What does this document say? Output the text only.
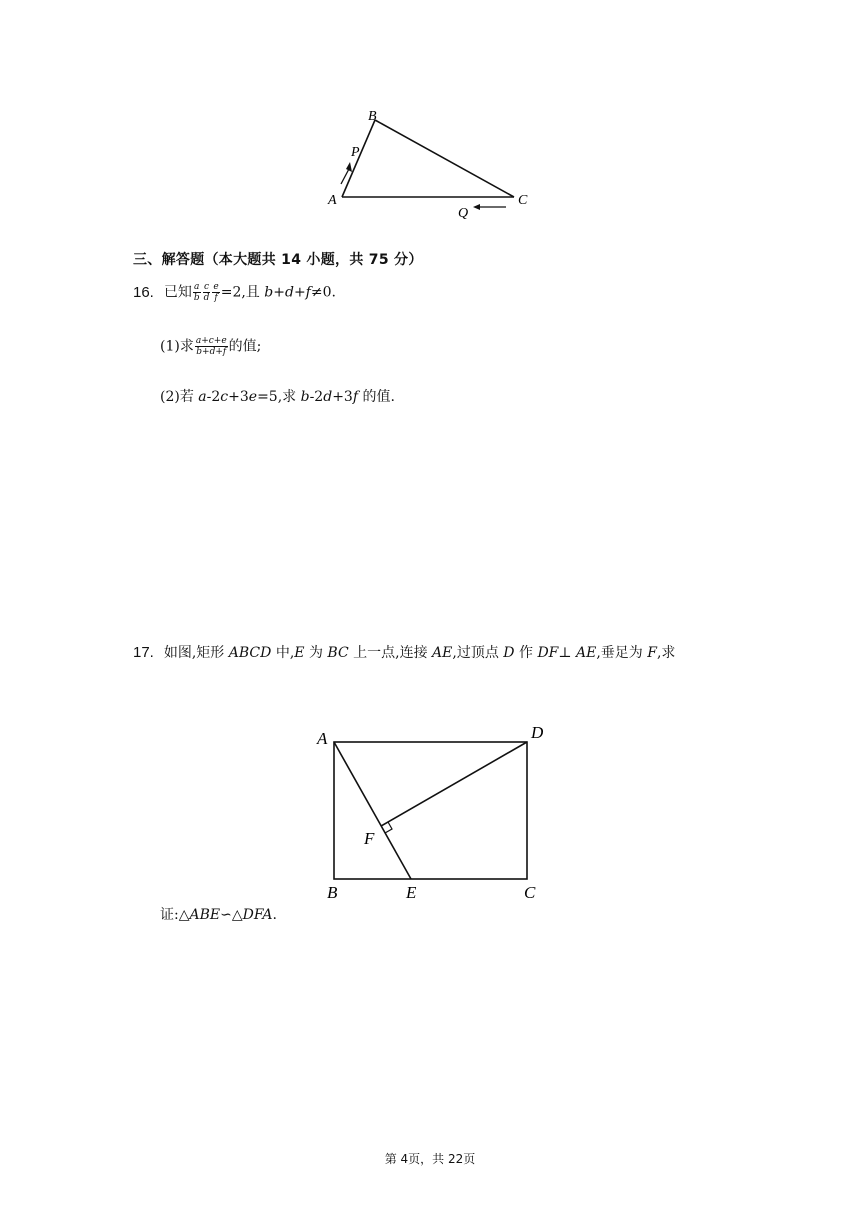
A
B
C
P
Q
三、解答题（本大题共 14 小题，共 75 分）
16. 已知 $\frac{a}{b} \frac{c}{d} \frac{e}{f} =2$,且 b+d+f≠0.
(1)求 $\frac{a+c+e}{b+d+f}$ 的值;
(2)若 a-2c+3e=5,求 b-2d+3f 的值.
17. 如图,矩形 ABCD 中,E 为 BC 上一点,连接 AE,过顶点 D 作 DF⊥ AE,垂足为 F,求
A	D
F
B	E	C
证:△ABE∽△DFA.
第 4页，共 22页
